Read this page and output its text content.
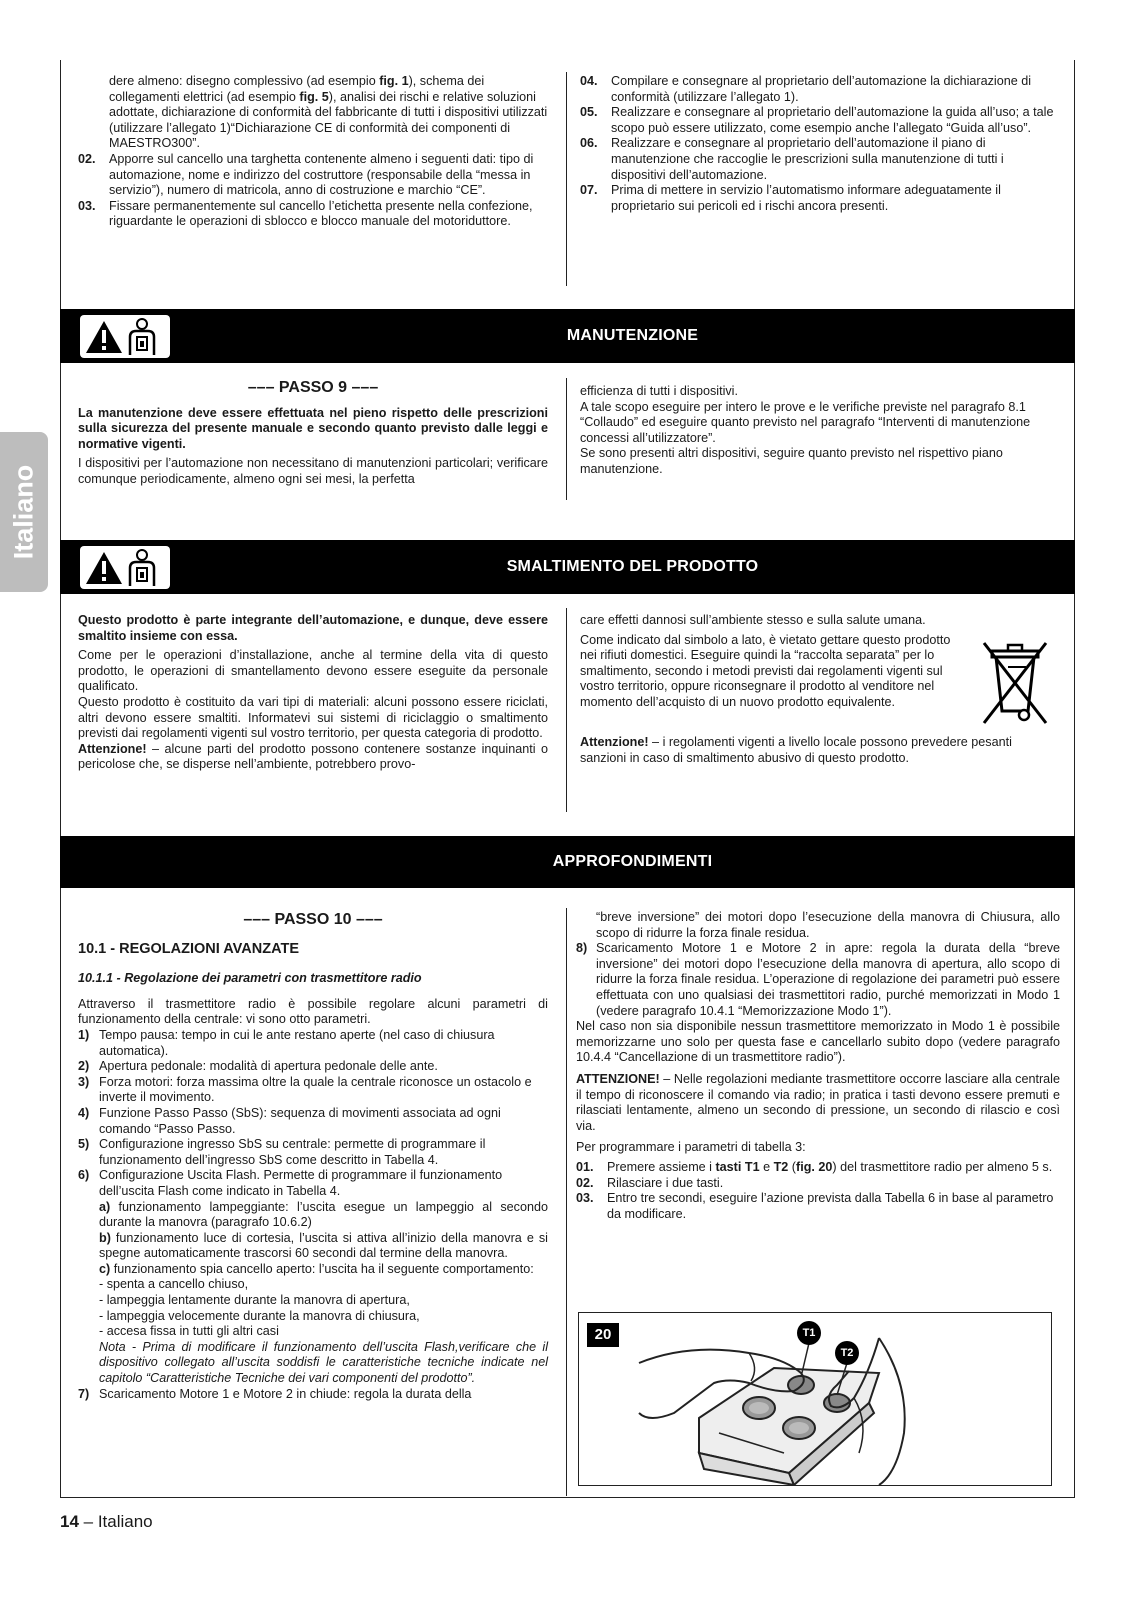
Italiano
dere almeno: disegno complessivo (ad esempio fig. 1), schema dei collegamenti elettrici (ad esempio fig. 5), analisi dei rischi e relative soluzioni adottate, dichiarazione di conformità del fabbricante di tutti i dispositivi utilizzati (utilizzare l’allegato 1)“Dichiarazione CE di conformità dei componenti di MAESTRO300”.
02.	Apporre sul cancello una targhetta contenente almeno i seguenti dati: tipo di automazione, nome e indirizzo del costruttore (responsabile della “messa in servizio”), numero di matricola, anno di costruzione e marchio “CE”.
03.	Fissare permanentemente sul cancello l’etichetta presente nella confezione, riguardante le operazioni di sblocco e blocco manuale del motoriduttore.
04.	Compilare e consegnare al proprietario dell’automazione la dichiarazione di conformità (utilizzare l’allegato 1).
05.	Realizzare e consegnare al proprietario dell’automazione la guida all’uso; a tale scopo può essere utilizzato, come esempio anche l’allegato “Guida all’uso”.
06.	Realizzare e consegnare al proprietario dell’automazione il piano di manutenzione che raccoglie le prescrizioni sulla manutenzione di tutti i dispositivi dell’automazione.
07.	Prima di mettere in servizio l’automatismo informare adeguatamente il proprietario sui pericoli ed i rischi ancora presenti.
MANUTENZIONE
––– PASSO 9 –––
La manutenzione deve essere effettuata nel pieno rispetto delle prescrizioni sulla sicurezza del presente manuale e secondo quanto previsto dalle leggi e normative vigenti.
I dispositivi per l’automazione non necessitano di manutenzioni particolari; verificare comunque periodicamente, almeno ogni sei mesi, la perfetta
efficienza di tutti i dispositivi.
A tale scopo eseguire per intero le prove e le verifiche previste nel paragrafo 8.1 “Collaudo” ed eseguire quanto previsto nel paragrafo “Interventi di manutenzione concessi all’utilizzatore”.
Se sono presenti altri dispositivi, seguire quanto previsto nel rispettivo piano manutenzione.
SMALTIMENTO DEL PRODOTTO
Questo prodotto è parte integrante dell’automazione, e dunque, deve essere smaltito insieme con essa.
Come per le operazioni d’installazione, anche al termine della vita di questo prodotto, le operazioni di smantellamento devono essere eseguite da personale qualificato.
Questo prodotto è costituito da vari tipi di materiali: alcuni possono essere riciclati, altri devono essere smaltiti. Informatevi sui sistemi di riciclaggio o smaltimento previsti dai regolamenti vigenti sul vostro territorio, per questa categoria di prodotto.
Attenzione! – alcune parti del prodotto possono contenere sostanze inquinanti o pericolose che, se disperse nell’ambiente, potrebbero provo-
care effetti dannosi sull’ambiente stesso e sulla salute umana.
Come indicato dal simbolo a lato, è vietato gettare questo prodotto nei rifiuti domestici. Eseguire quindi la “raccolta separata” per lo smaltimento, secondo i metodi previsti dai regolamenti vigenti sul vostro territorio, oppure riconsegnare il prodotto al venditore nel momento dell’acquisto di un nuovo prodotto equivalente.
Attenzione! – i regolamenti vigenti a livello locale possono prevedere pesanti sanzioni in caso di smaltimento abusivo di questo prodotto.
APPROFONDIMENTI
––– PASSO 10 –––
10.1 - REGOLAZIONI AVANZATE
10.1.1 - Regolazione dei parametri con trasmettitore radio
Attraverso il trasmettitore radio è possibile regolare alcuni parametri di funzionamento della centrale: vi sono otto parametri.
1) Tempo pausa: tempo in cui le ante restano aperte (nel caso di chiusura automatica).
2) Apertura pedonale: modalità di apertura pedonale delle ante.
3) Forza motori: forza massima oltre la quale la centrale riconosce un ostacolo e inverte il movimento.
4) Funzione Passo Passo (SbS): sequenza di movimenti associata ad ogni comando “Passo Passo.
5) Configurazione ingresso SbS su centrale: permette di programmare il funzionamento dell’ingresso SbS come descritto in Tabella 4.
6) Configurazione Uscita Flash. Permette di programmare il funzionamento dell’uscita Flash come indicato in Tabella 4.
a) funzionamento lampeggiante: l’uscita esegue un lampeggio al secondo durante la manovra (paragrafo 10.6.2)
b) funzionamento luce di cortesia, l’uscita si attiva all’inizio della manovra e si spegne automaticamente trascorsi 60 secondi dal termine della manovra.
c) funzionamento spia cancello aperto: l’uscita ha il seguente comportamento:
- spenta a cancello chiuso,
- lampeggia lentamente durante la manovra di apertura,
- lampeggia velocemente durante la manovra di chiusura,
- accesa fissa in tutti gli altri casi
Nota - Prima di modificare il funzionamento dell’uscita Flash,verificare che il dispositivo collegato all’uscita soddisfi le caratteristiche tecniche indicate nel capitolo “Caratteristiche Tecniche dei vari componenti del prodotto”.
7) Scaricamento Motore 1 e Motore 2 in chiude: regola la durata della
“breve inversione” dei motori dopo l’esecuzione della manovra di Chiusura, allo scopo di ridurre la forza finale residua.
8) Scaricamento Motore 1 e Motore 2 in apre: regola la durata della “breve inversione” dei motori dopo l’esecuzione della manovra di apertura, allo scopo di ridurre la forza finale residua. L’operazione di regolazione dei parametri può essere effettuata con uno qualsiasi dei trasmettitori radio, purché memorizzati in Modo 1 (vedere paragrafo 10.4.1 “Memorizzazione Modo 1”).
Nel caso non sia disponibile nessun trasmettitore memorizzato in Modo 1 è possibile memorizzarne uno solo per questa fase e cancellarlo subito dopo (vedere paragrafo 10.4.4 “Cancellazione di un trasmettitore radio”).
ATTENZIONE! – Nelle regolazioni mediante trasmettitore occorre lasciare alla centrale il tempo di riconoscere il comando via radio; in pratica i tasti devono essere premuti e rilasciati lentamente, almeno un secondo di pressione, un secondo di rilascio e così via.
Per programmare i parametri di tabella 3:
01.	Premere assieme i tasti T1 e T2 (fig. 20) del trasmettitore radio per almeno 5 s.
02.	Rilasciare i due tasti.
03.	Entro tre secondi, eseguire l’azione prevista dalla Tabella 6 in base al parametro da modificare.
20	T1
T2
14 – Italiano
